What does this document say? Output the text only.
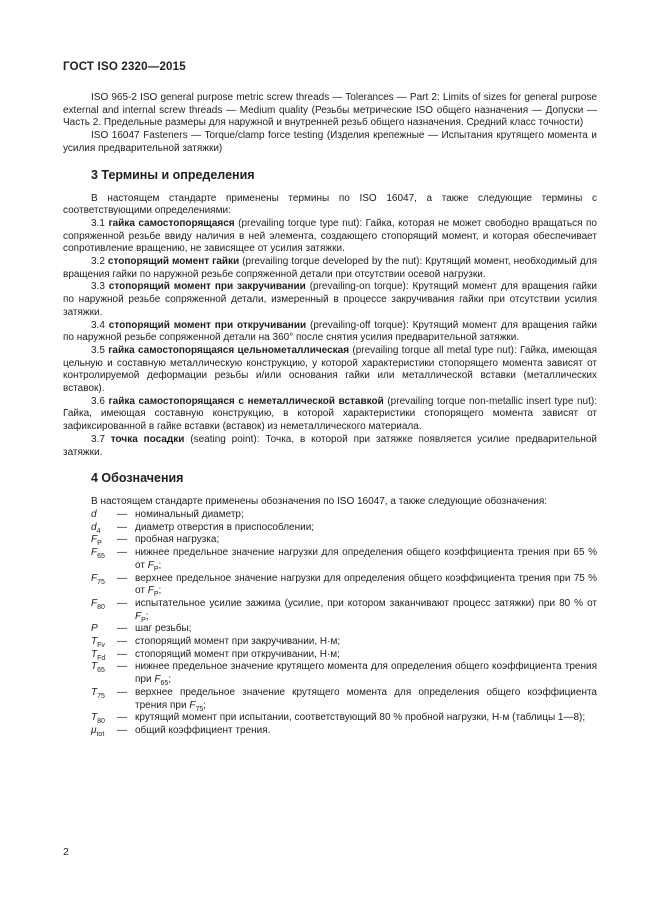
ГОСТ ISO 2320—2015

ISO 965-2 ISO general purpose metric screw threads — Tolerances — Part 2: Limits of sizes for general purpose external and internal screw threads — Medium quality (Резьбы метрические ISO общего назначения — Допуски — Часть 2. Предельные размеры для наружной и внутренней резьб общего назначения. Средний класс точности)

ISO 16047 Fasteners — Torque/clamp force testing (Изделия крепежные — Испытания крутящего момента и усилия предварительной затяжки)

3 Термины и определения

В настоящем стандарте применены термины по ISO 16047, а также следующие термины с соответствующими определениями:

3.1 гайка самостопорящаяся (prevailing torque type nut): Гайка, которая не может свободно вращаться по сопряженной резьбе ввиду наличия в ней элемента, создающего стопорящий момент, и которая обеспечивает сопротивление вращению, не зависящее от усилия затяжки.

3.2 стопорящий момент гайки (prevailing torque developed by the nut): Крутящий момент, необходимый для вращения гайки по наружной резьбе сопряженной детали при отсутствии осевой нагрузки.

3.3 стопорящий момент при закручивании (prevailing-on torque): Крутящий момент для вращения гайки по наружной резьбе сопряженной детали, измеренный в процессе закручивания гайки при отсутствии усилия затяжки.

3.4 стопорящий момент при откручивании (prevailing-off torque): Крутящий момент для вращения гайки по наружной резьбе сопряженной детали на 360° после снятия усилия предварительной затяжки.

3.5 гайка самостопорящаяся цельнометаллическая (prevailing torque all metal type nut): Гайка, имеющая цельную и составную металлическую конструкцию, у которой характеристики стопорящего момента зависят от контролируемой деформации резьбы и/или основания гайки или металлической вставки (металлических вставок).

3.6 гайка самостопорящаяся с неметаллической вставкой (prevailing torque non-metallic insert type nut): Гайка, имеющая составную конструкцию, в которой характеристики стопорящего момента зависят от зафиксированной в гайке вставки (вставок) из неметаллического материала.

3.7 точка посадки (seating point): Точка, в которой при затяжке появляется усилие предварительной затяжки.

4 Обозначения

В настоящем стандарте применены обозначения по ISO 16047, а также следующие обозначения:

d	— номинальный диаметр;
$d_4$	— диаметр отверстия в приспособлении;
$F_P$	— пробная нагрузка;
$F_{65}$	— нижнее предельное значение нагрузки для определения общего коэффициента трения при 65 % от $F_P$;
$F_{75}$	— верхнее предельное значение нагрузки для определения общего коэффициента трения при 75 % от $F_P$;
$F_{80}$	— испытательное усилие зажима (усилие, при котором заканчивают процесс затяжки) при 80 % от $F_P$;
P	— шаг резьбы;
$T_{Fv}$	— стопорящий момент при закручивании, Н·м;
$T_{Fd}$	— стопорящий момент при откручивании, Н·м;
$T_{65}$	— нижнее предельное значение крутящего момента для определения общего коэффициента трения при $F_{65}$;
$T_{75}$	— верхнее предельное значение крутящего момента для определения общего коэффициента трения при $F_{75}$;
$T_{80}$	— крутящий момент при испытании, соответствующий 80 % пробной нагрузки, Н·м (таблицы 1—8);
$\mu_{tot}$	— общий коэффициент трения.
2
